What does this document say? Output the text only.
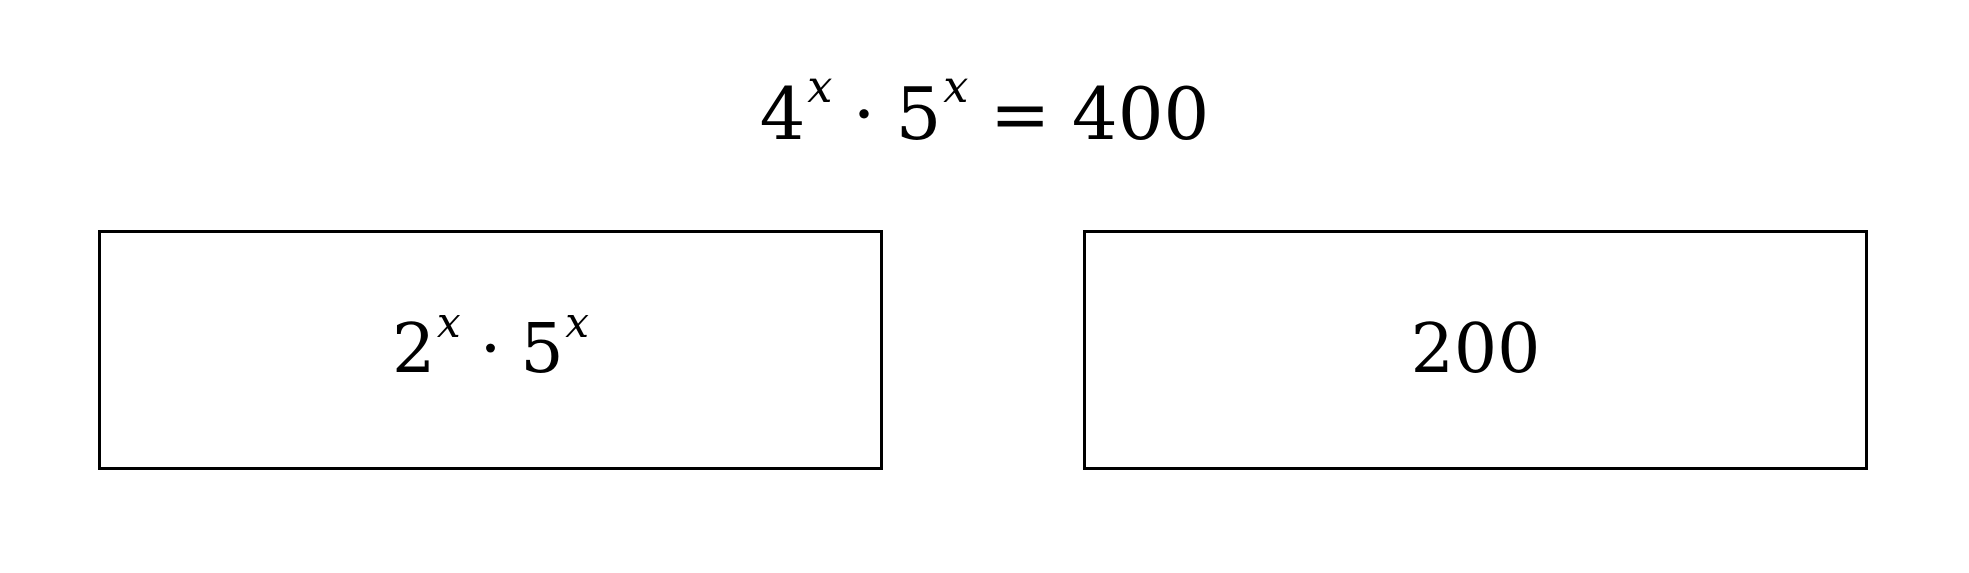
$4^x \cdot 5^x = 400$
$2^x \cdot 5^x$	200
